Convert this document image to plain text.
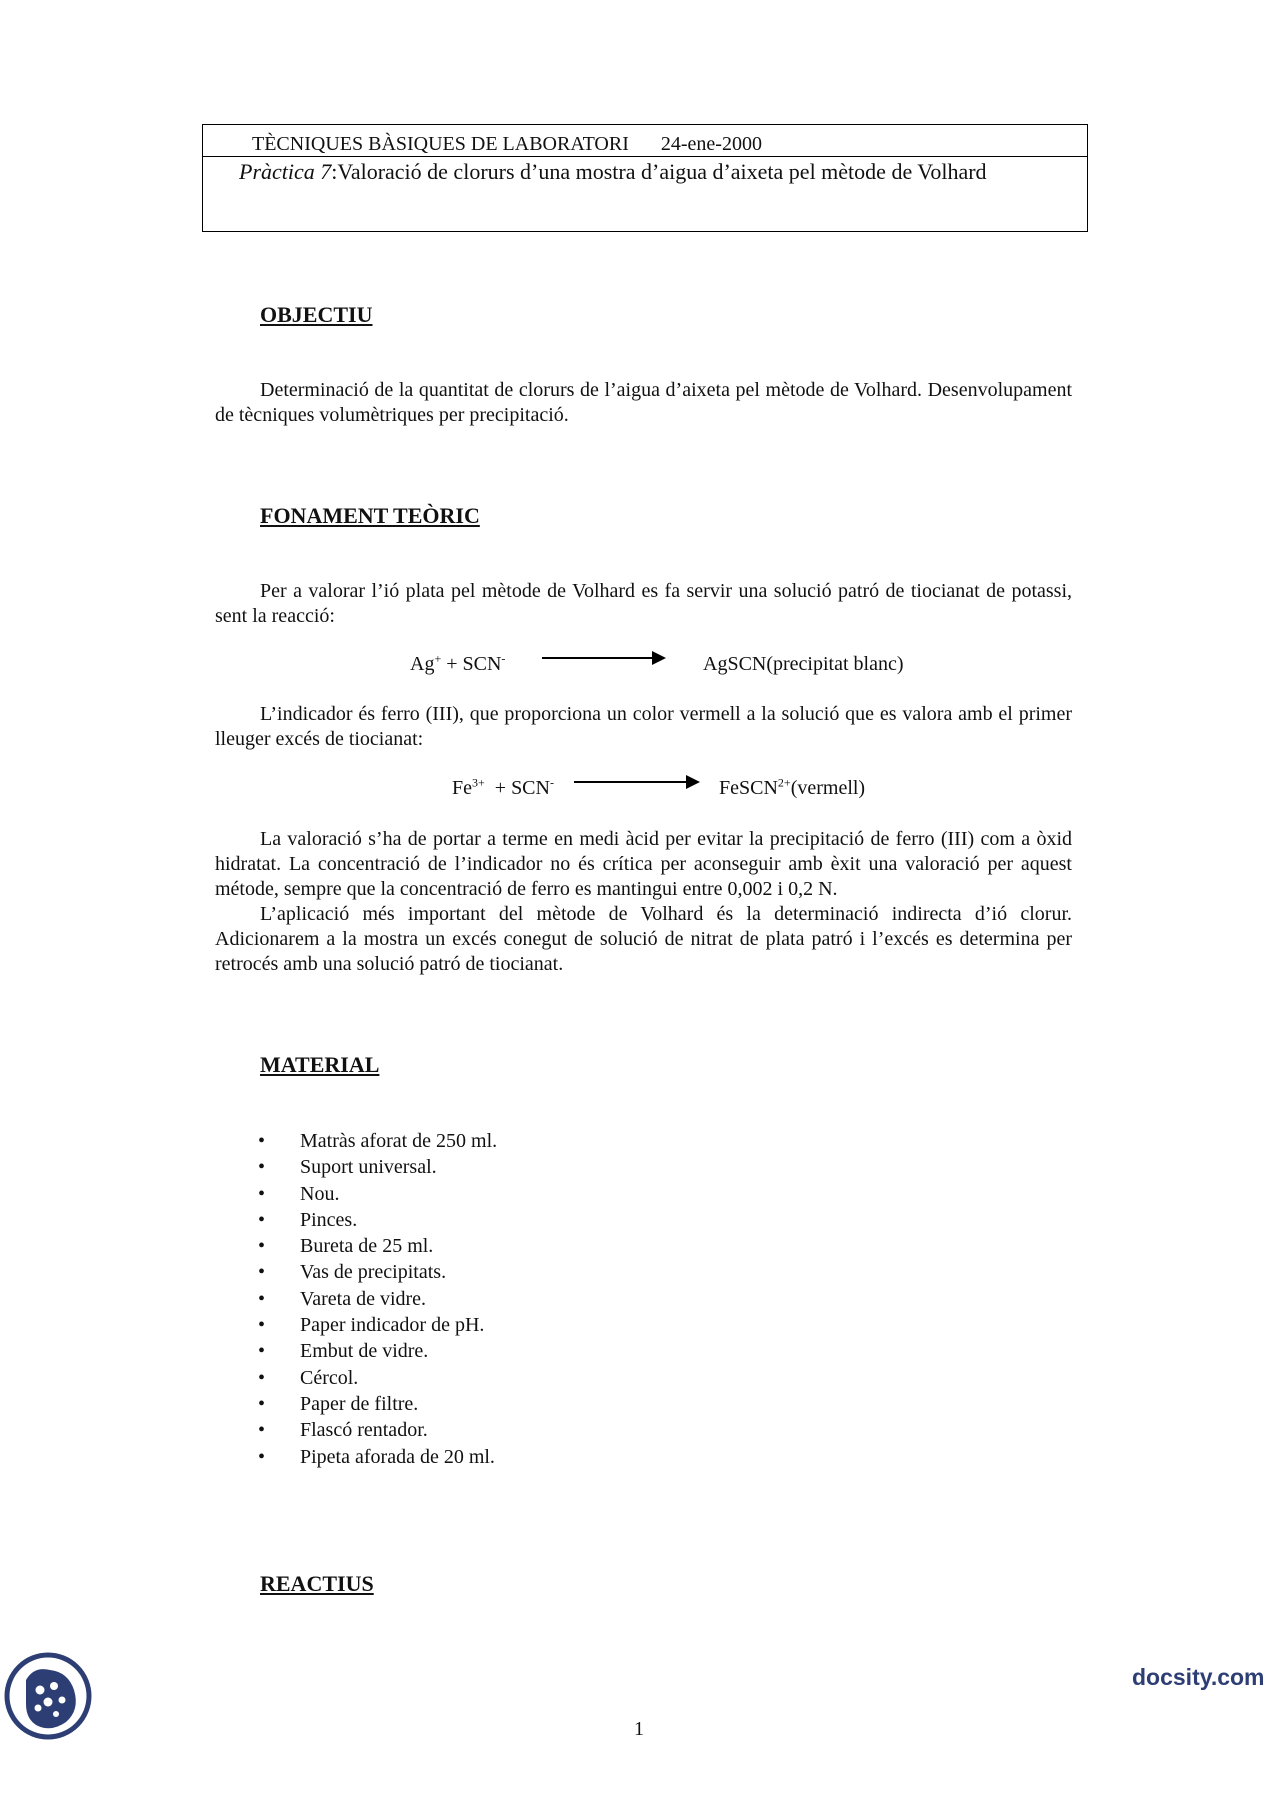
TÈCNIQUES BÀSIQUES DE LABORATORI 24-ene-2000
Pràctica 7:Valoració de clorurs d’una mostra d’aigua d’aixeta pel mètode de Volhard
OBJECTIU

Determinació de la quantitat de clorurs de l’aigua d’aixeta pel mètode de Volhard. Desenvolupament de tècniques volumètriques per precipitació.

FONAMENT TEÒRIC

Per a valorar l’ió plata pel mètode de Volhard es fa servir una solució patró de tiocianat de potassi, sent la reacció:

Ag+ + SCN-	AgSCN(precipitat blanc)

L’indicador és ferro (III), que proporciona un color vermell a la solució que es valora amb el primer lleuger excés de tiocianat:

$Fe^{3+} + SCN^-$	FeSCN$^{2+}$(vermell)

La valoració s’ha de portar a terme en medi àcid per evitar la precipitació de ferro (III) com a òxid hidratat. La concentració de l’indicador no és crítica per aconseguir amb èxit una valoració per aquest métode, sempre que la concentració de ferro es mantingui entre 0,002 i 0,2 N.

L’aplicació més important del mètode de Volhard és la determinació indirecta d’ió clorur. Adicionarem a la mostra un excés conegut de solució de nitrat de plata patró i l’excés es determina per retrocés amb una solució patró de tiocianat.

MATERIAL
• Matràs aforat de 250 ml.
• Suport universal.
• Nou.
• Pinces.
• Bureta de 25 ml.
• Vas de precipitats.
• Vareta de vidre.
• Paper indicador de pH.
• Embut de vidre.
• Cércol.
• Paper de filtre.
• Flascó rentador.
• Pipeta aforada de 20 ml.
REACTIUS
1
docsity.com
